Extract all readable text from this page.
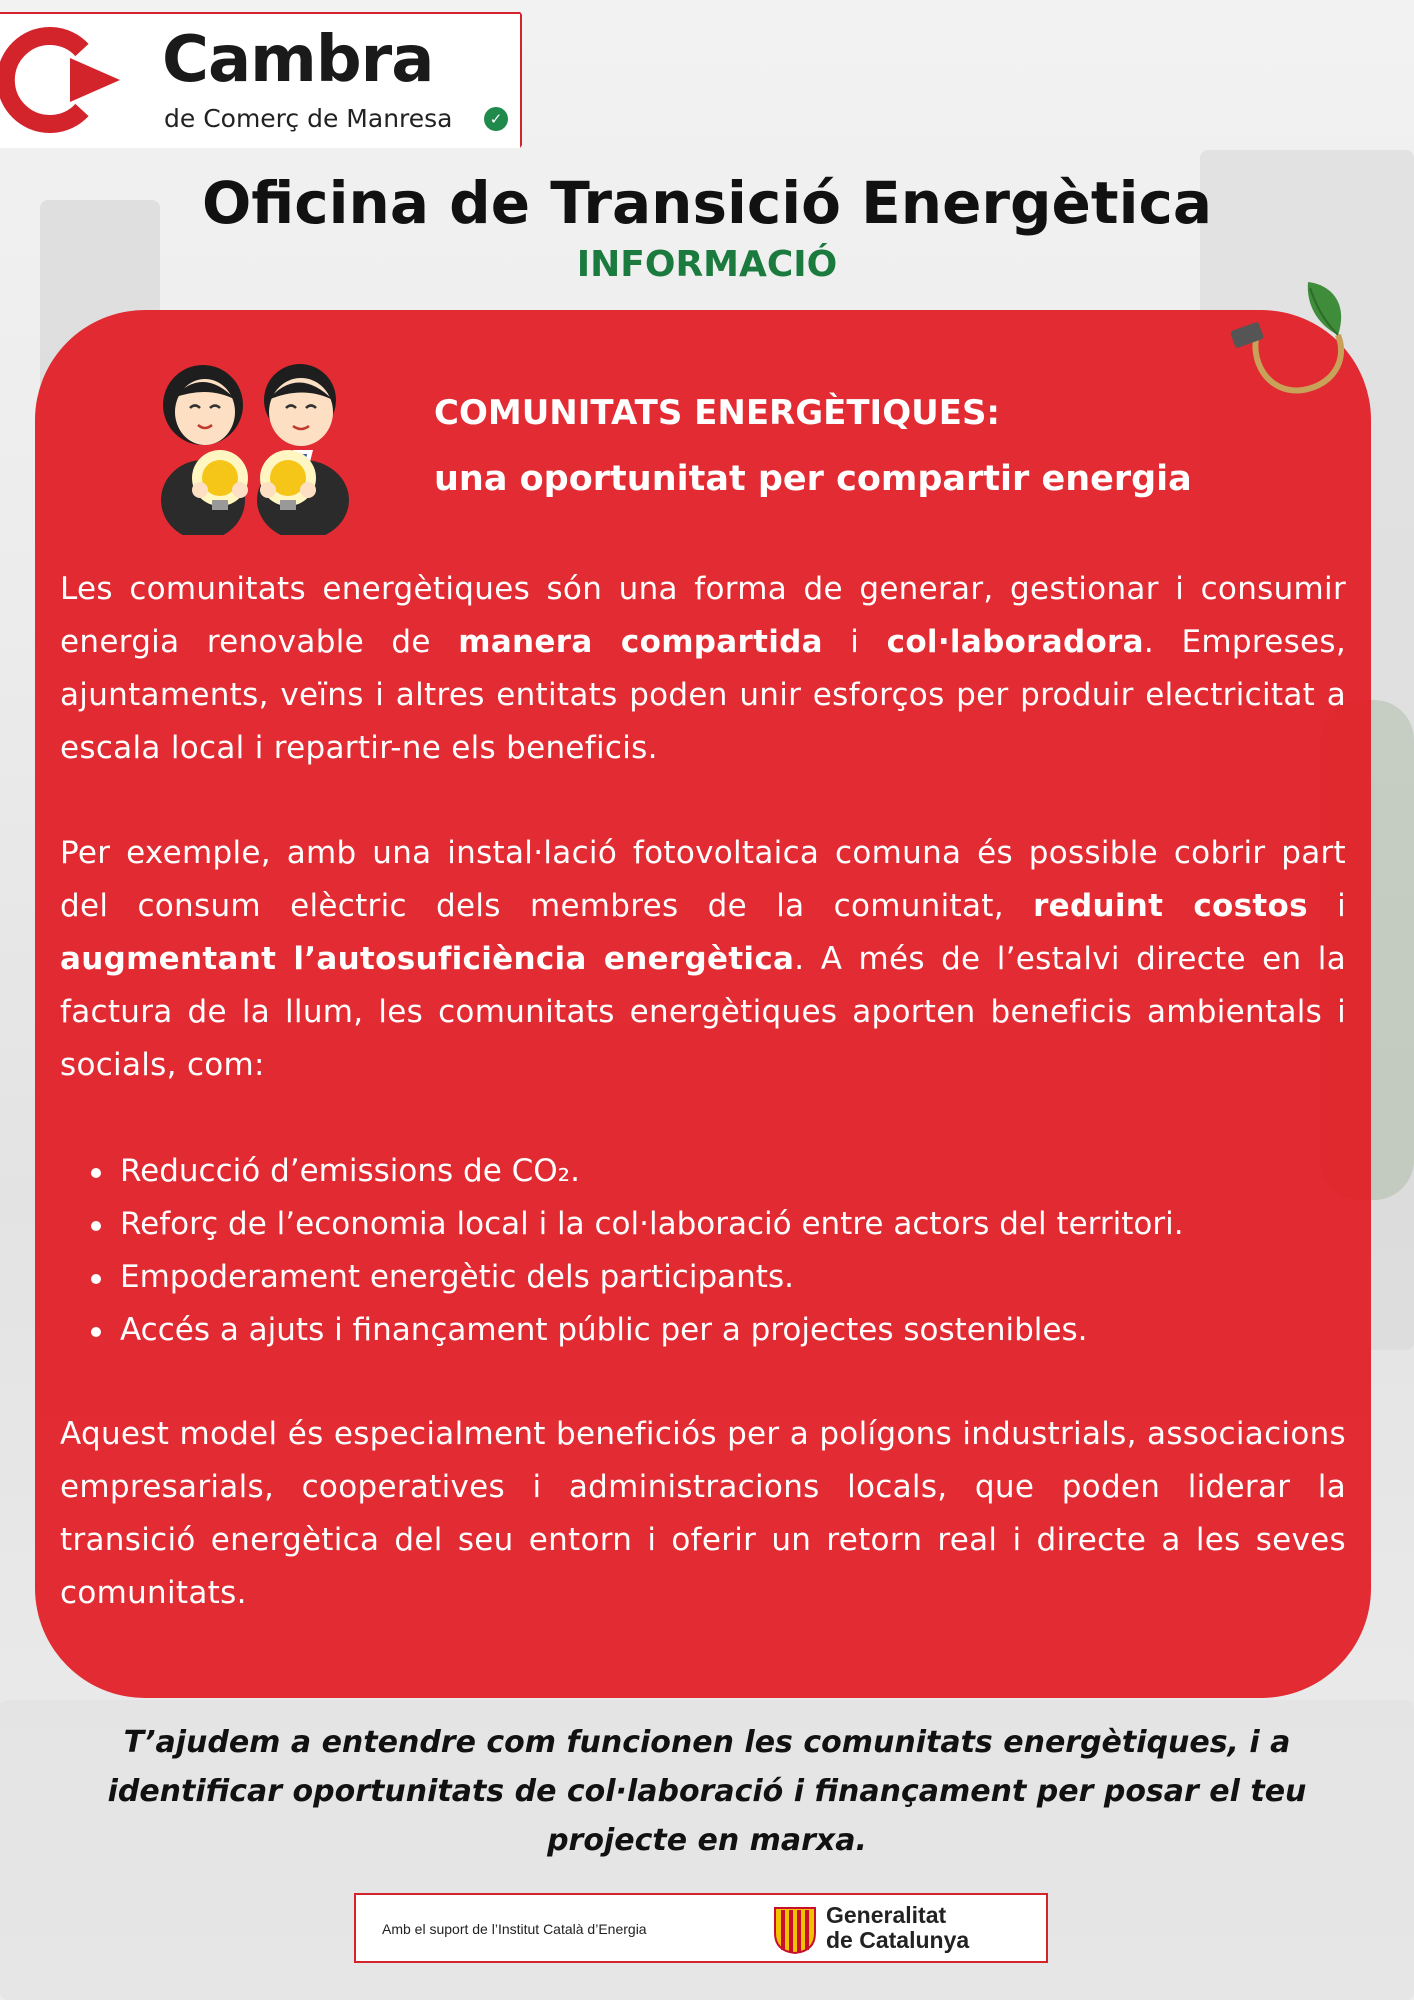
Cambra
de Comerç de Manresa	✓
Oficina de Transició Energètica
INFORMACIÓ
COMUNITATS ENERGÈTIQUES:
una oportunitat per compartir energia
Les comunitats energètiques són una forma de generar, gestionar i consumir energia renovable de manera compartida i col·laboradora. Empreses, ajuntaments, veïns i altres entitats poden unir esforços per produir electricitat a escala local i repartir-ne els beneficis.
Per exemple, amb una instal·lació fotovoltaica comuna és possible cobrir part del consum elèctric dels membres de la comunitat, reduint costos i augmentant l’autosuficiència energètica. A més de l’estalvi directe en la factura de la llum, les comunitats energètiques aporten beneficis ambientals i socials, com:
Reducció d’emissions de CO₂.
Reforç de l’economia local i la col·laboració entre actors del territori.
Empoderament energètic dels participants.
Accés a ajuts i finançament públic per a projectes sostenibles.
Aquest model és especialment beneficiós per a polígons industrials, associacions empresarials, cooperatives i administracions locals, que poden liderar la transició energètica del seu entorn i oferir un retorn real i directe a les seves comunitats.
T’ajudem a entendre com funcionen les comunitats energètiques, i a identificar oportunitats de col·laboració i finançament per posar el teu projecte en marxa.
Amb el suport de l’Institut Català d’Energia
Generalitat
de Catalunya
